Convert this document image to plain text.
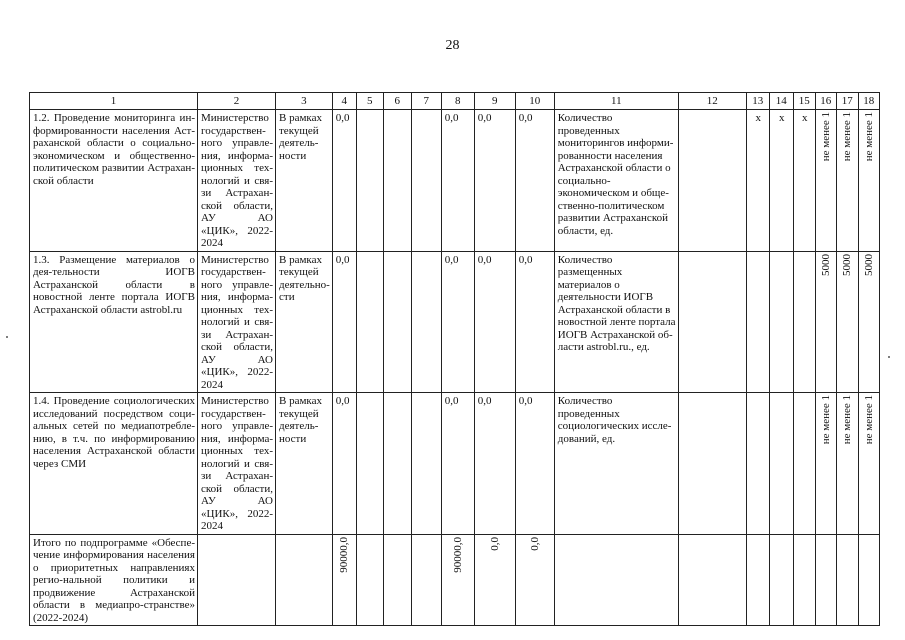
28
1	2	3	4	5	6	7	8	9	10	11	12	13	14	15	16	17	18
1.2. Проведение мониторинга ин-формированности населения Аст-раханской области о социально-экономическом и общественно-политическом развитии Астрахан-ской области	Министерство государствен-ного управле-ния, информа-ционных тех-нологий и свя-зи Астрахан-ской области, АУ АО «ЦИК», 2022-2024	В рамках текущей деятель-ности	0,0				0,0	0,0	0,0	Количество проведенных мониторингов информи-рованности населения Астраханской области о социально-экономическом и обще-ственно-политическом развитии Астраханской области, ед.		x	x	x	не менее 1	не менее 1	не менее 1
1.3. Размещение материалов о дея-тельности ИОГВ Астраханской области в новостной ленте портала ИОГВ Астраханской области astrobl.ru	Министерство государствен-ного управле-ния, информа-ционных тех-нологий и свя-зи Астрахан-ской области, АУ АО «ЦИК», 2022-2024	В рамках текущей деятельно-сти	0,0				0,0	0,0	0,0	Количество размещенных материалов о деятельности ИОГВ Астраханской области в новостной ленте портала ИОГВ Астраханской об-ласти astrobl.ru., ед.					5000	5000	5000
1.4. Проведение социологических исследований посредством соци-альных сетей по медиапотребле-нию, в т.ч. по информированию населения Астраханской области через СМИ	Министерство государствен-ного управле-ния, информа-ционных тех-нологий и свя-зи Астрахан-ской области, АУ АО «ЦИК», 2022-2024	В рамках текущей деятель-ности	0,0				0,0	0,0	0,0	Количество проведенных социологических иссле-дований, ед.					не менее 1	не менее 1	не менее 1
Итого по подпрограмме «Обеспе-чение информирования населения о приоритетных направлениях регио-нальной политики и продвижение Астраханской области в медиапро-странстве» (2022-2024)			90000,0				90000,0	0,0	0,0								
